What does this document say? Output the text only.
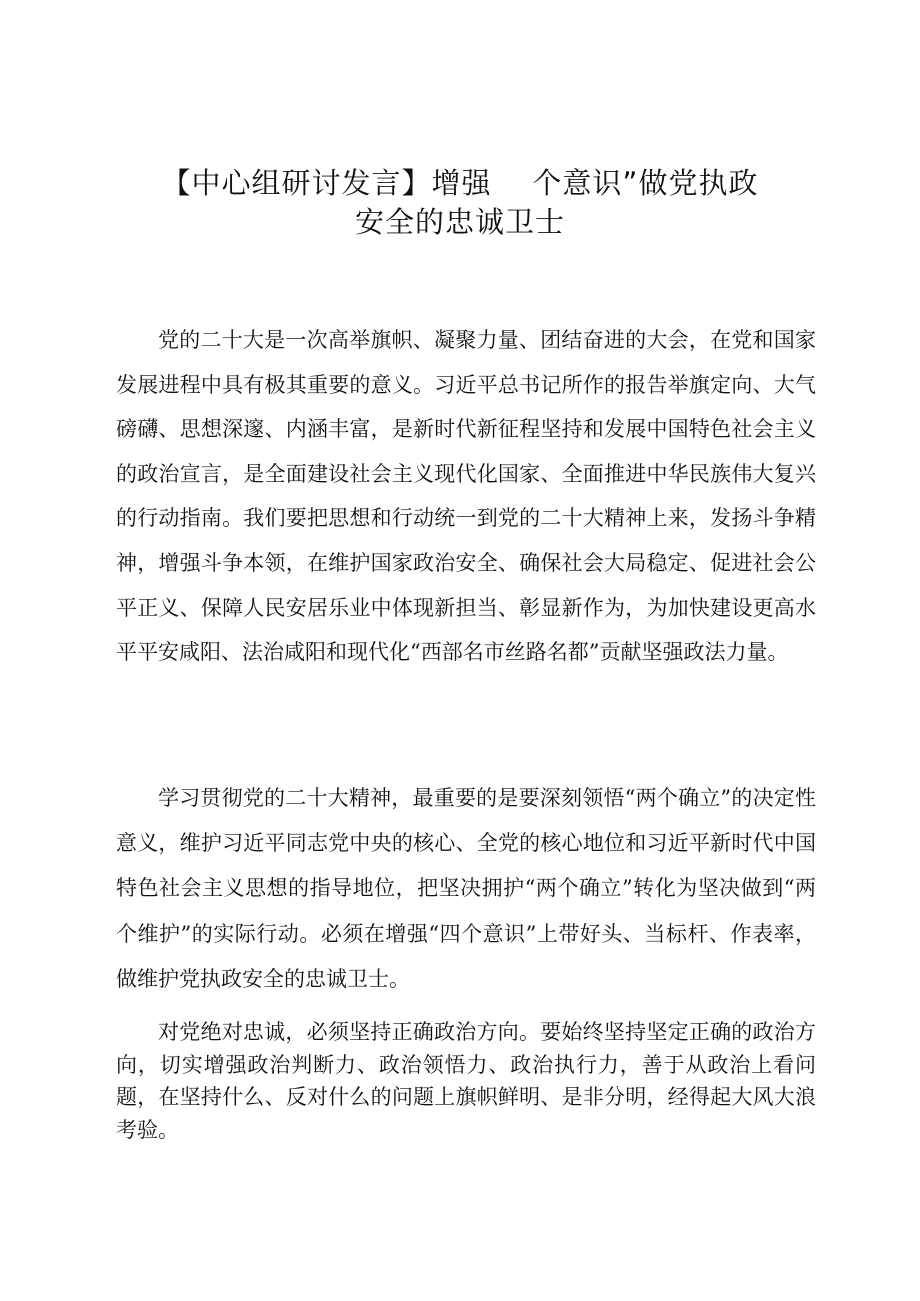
【中心组研讨发言】增强    个意识”做党执政
安全的忠诚卫士

党的二十大是一次高举旗帜、凝聚力量、团结奋进的大会，在党和国家发展进程中具有极其重要的意义。习近平总书记所作的报告举旗定向、大气磅礴、思想深邃、内涵丰富，是新时代新征程坚持和发展中国特色社会主义的政治宣言，是全面建设社会主义现代化国家、全面推进中华民族伟大复兴的行动指南。我们要把思想和行动统一到党的二十大精神上来，发扬斗争精神，增强斗争本领，在维护国家政治安全、确保社会大局稳定、促进社会公平正义、保障人民安居乐业中体现新担当、彰显新作为，为加快建设更高水平平安咸阳、法治咸阳和现代化“西部名市丝路名都”贡献坚强政法力量。

学习贯彻党的二十大精神，最重要的是要深刻领悟“两个确立”的决定性意义，维护习近平同志党中央的核心、全党的核心地位和习近平新时代中国特色社会主义思想的指导地位，把坚决拥护“两个确立”转化为坚决做到“两个维护”的实际行动。必须在增强“四个意识”上带好头、当标杆、作表率，做维护党执政安全的忠诚卫士。

对党绝对忠诚，必须坚持正确政治方向。要始终坚持坚定正确的政治方向，切实增强政治判断力、政治领悟力、政治执行力，善于从政治上看问题，在坚持什么、反对什么的问题上旗帜鲜明、是非分明，经得起大风大浪考验。
